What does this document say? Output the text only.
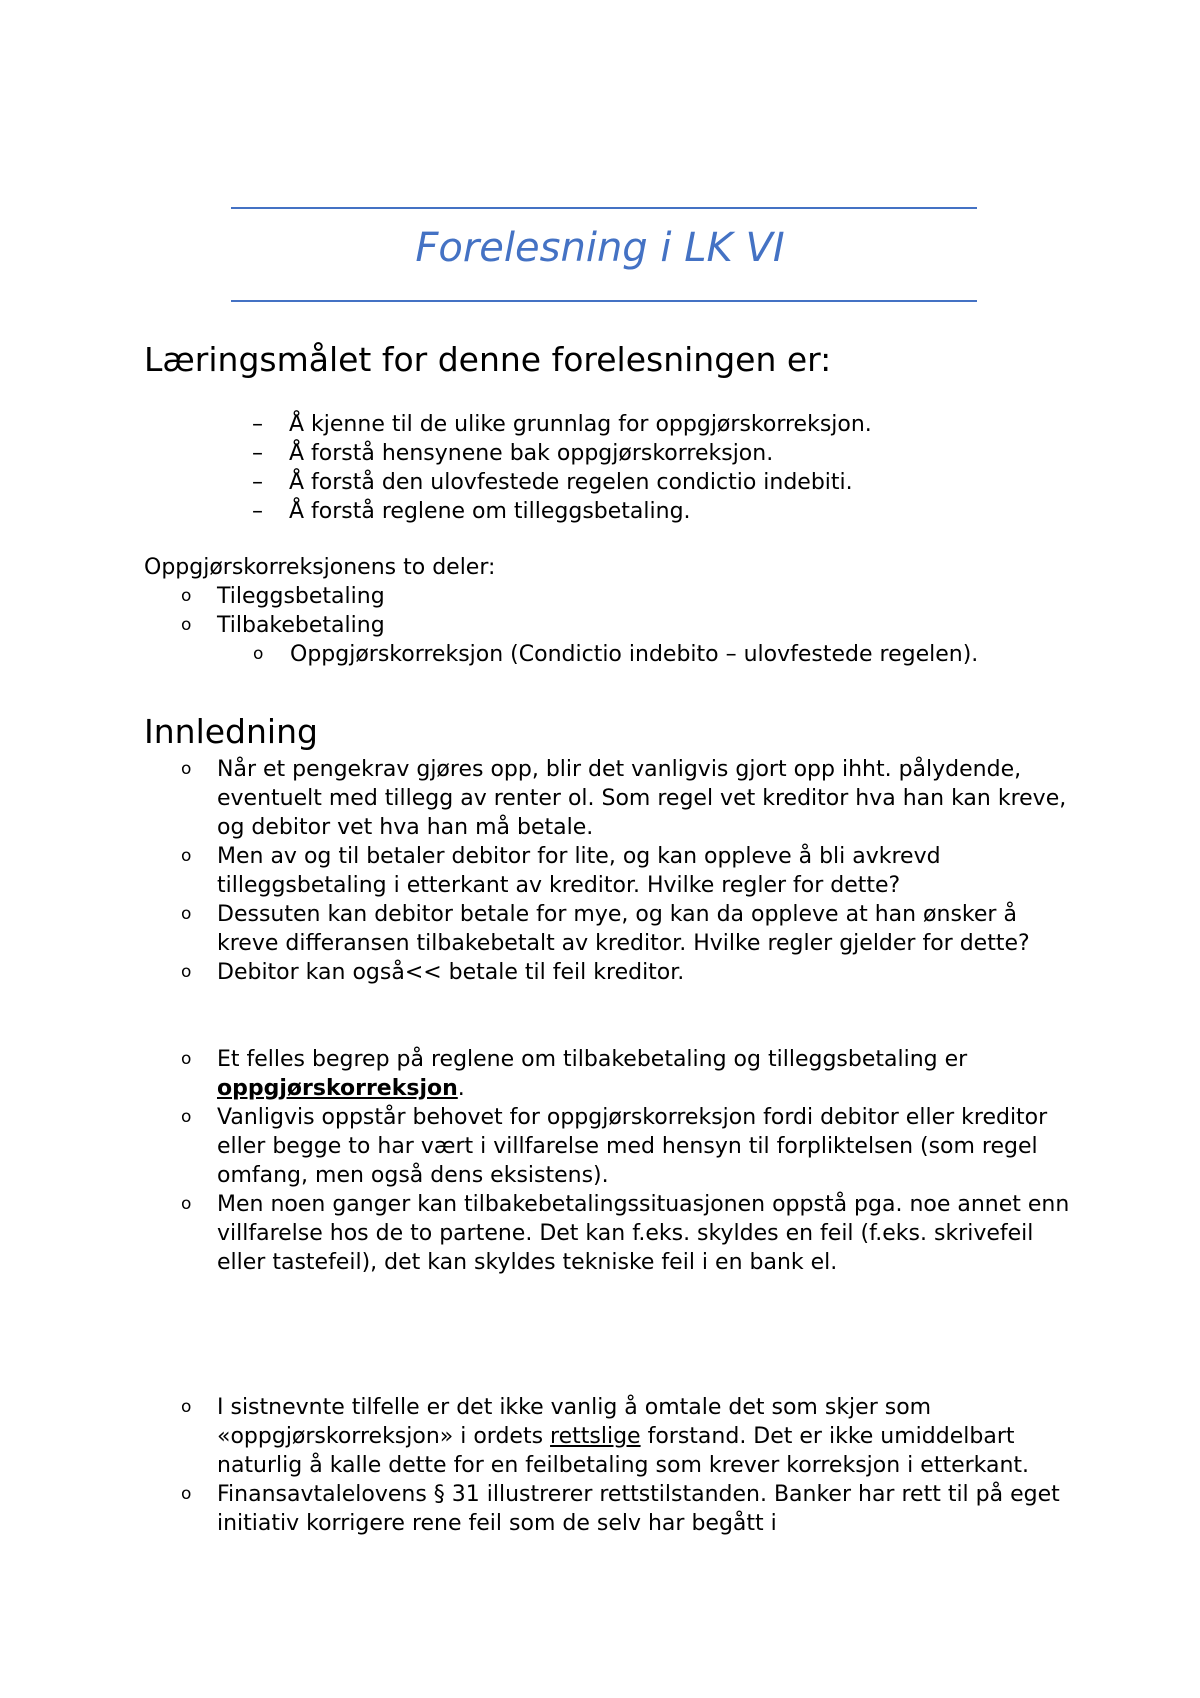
Forelesning i LK VI
Læringsmålet for denne forelesningen er:
– Å kjenne til de ulike grunnlag for oppgjørskorreksjon.
– Å forstå hensynene bak oppgjørskorreksjon.
– Å forstå den ulovfestede regelen condictio indebiti.
– Å forstå reglene om tilleggsbetaling.
Oppgjørskorreksjonens to deler:
o Tileggsbetaling
o Tilbakebetaling
o Oppgjørskorreksjon (Condictio indebito – ulovfestede regelen).
Innledning
o Når et pengekrav gjøres opp, blir det vanligvis gjort opp ihht. pålydende, eventuelt med tillegg av renter ol. Som regel vet kreditor hva han kan kreve, og debitor vet hva han må betale.
o Men av og til betaler debitor for lite, og kan oppleve å bli avkrevd tilleggsbetaling i etterkant av kreditor. Hvilke regler for dette?
o Dessuten kan debitor betale for mye, og kan da oppleve at han ønsker å kreve differansen tilbakebetalt av kreditor. Hvilke regler gjelder for dette?
o Debitor kan også<< betale til feil kreditor.
o Et felles begrep på reglene om tilbakebetaling og tilleggsbetaling er oppgjørskorreksjon.
o Vanligvis oppstår behovet for oppgjørskorreksjon fordi debitor eller kreditor eller begge to har vært i villfarelse med hensyn til forpliktelsen (som regel omfang, men også dens eksistens).
o Men noen ganger kan tilbakebetalingssituasjonen oppstå pga. noe annet enn villfarelse hos de to partene. Det kan f.eks. skyldes en feil (f.eks. skrivefeil eller tastefeil), det kan skyldes tekniske feil i en bank el.
o I sistnevnte tilfelle er det ikke vanlig å omtale det som skjer som «oppgjørskorreksjon» i ordets rettslige forstand. Det er ikke umiddelbart naturlig å kalle dette for en feilbetaling som krever korreksjon i etterkant.
o Finansavtalelovens § 31 illustrerer rettstilstanden. Banker har rett til på eget initiativ korrigere rene feil som de selv har begått i
